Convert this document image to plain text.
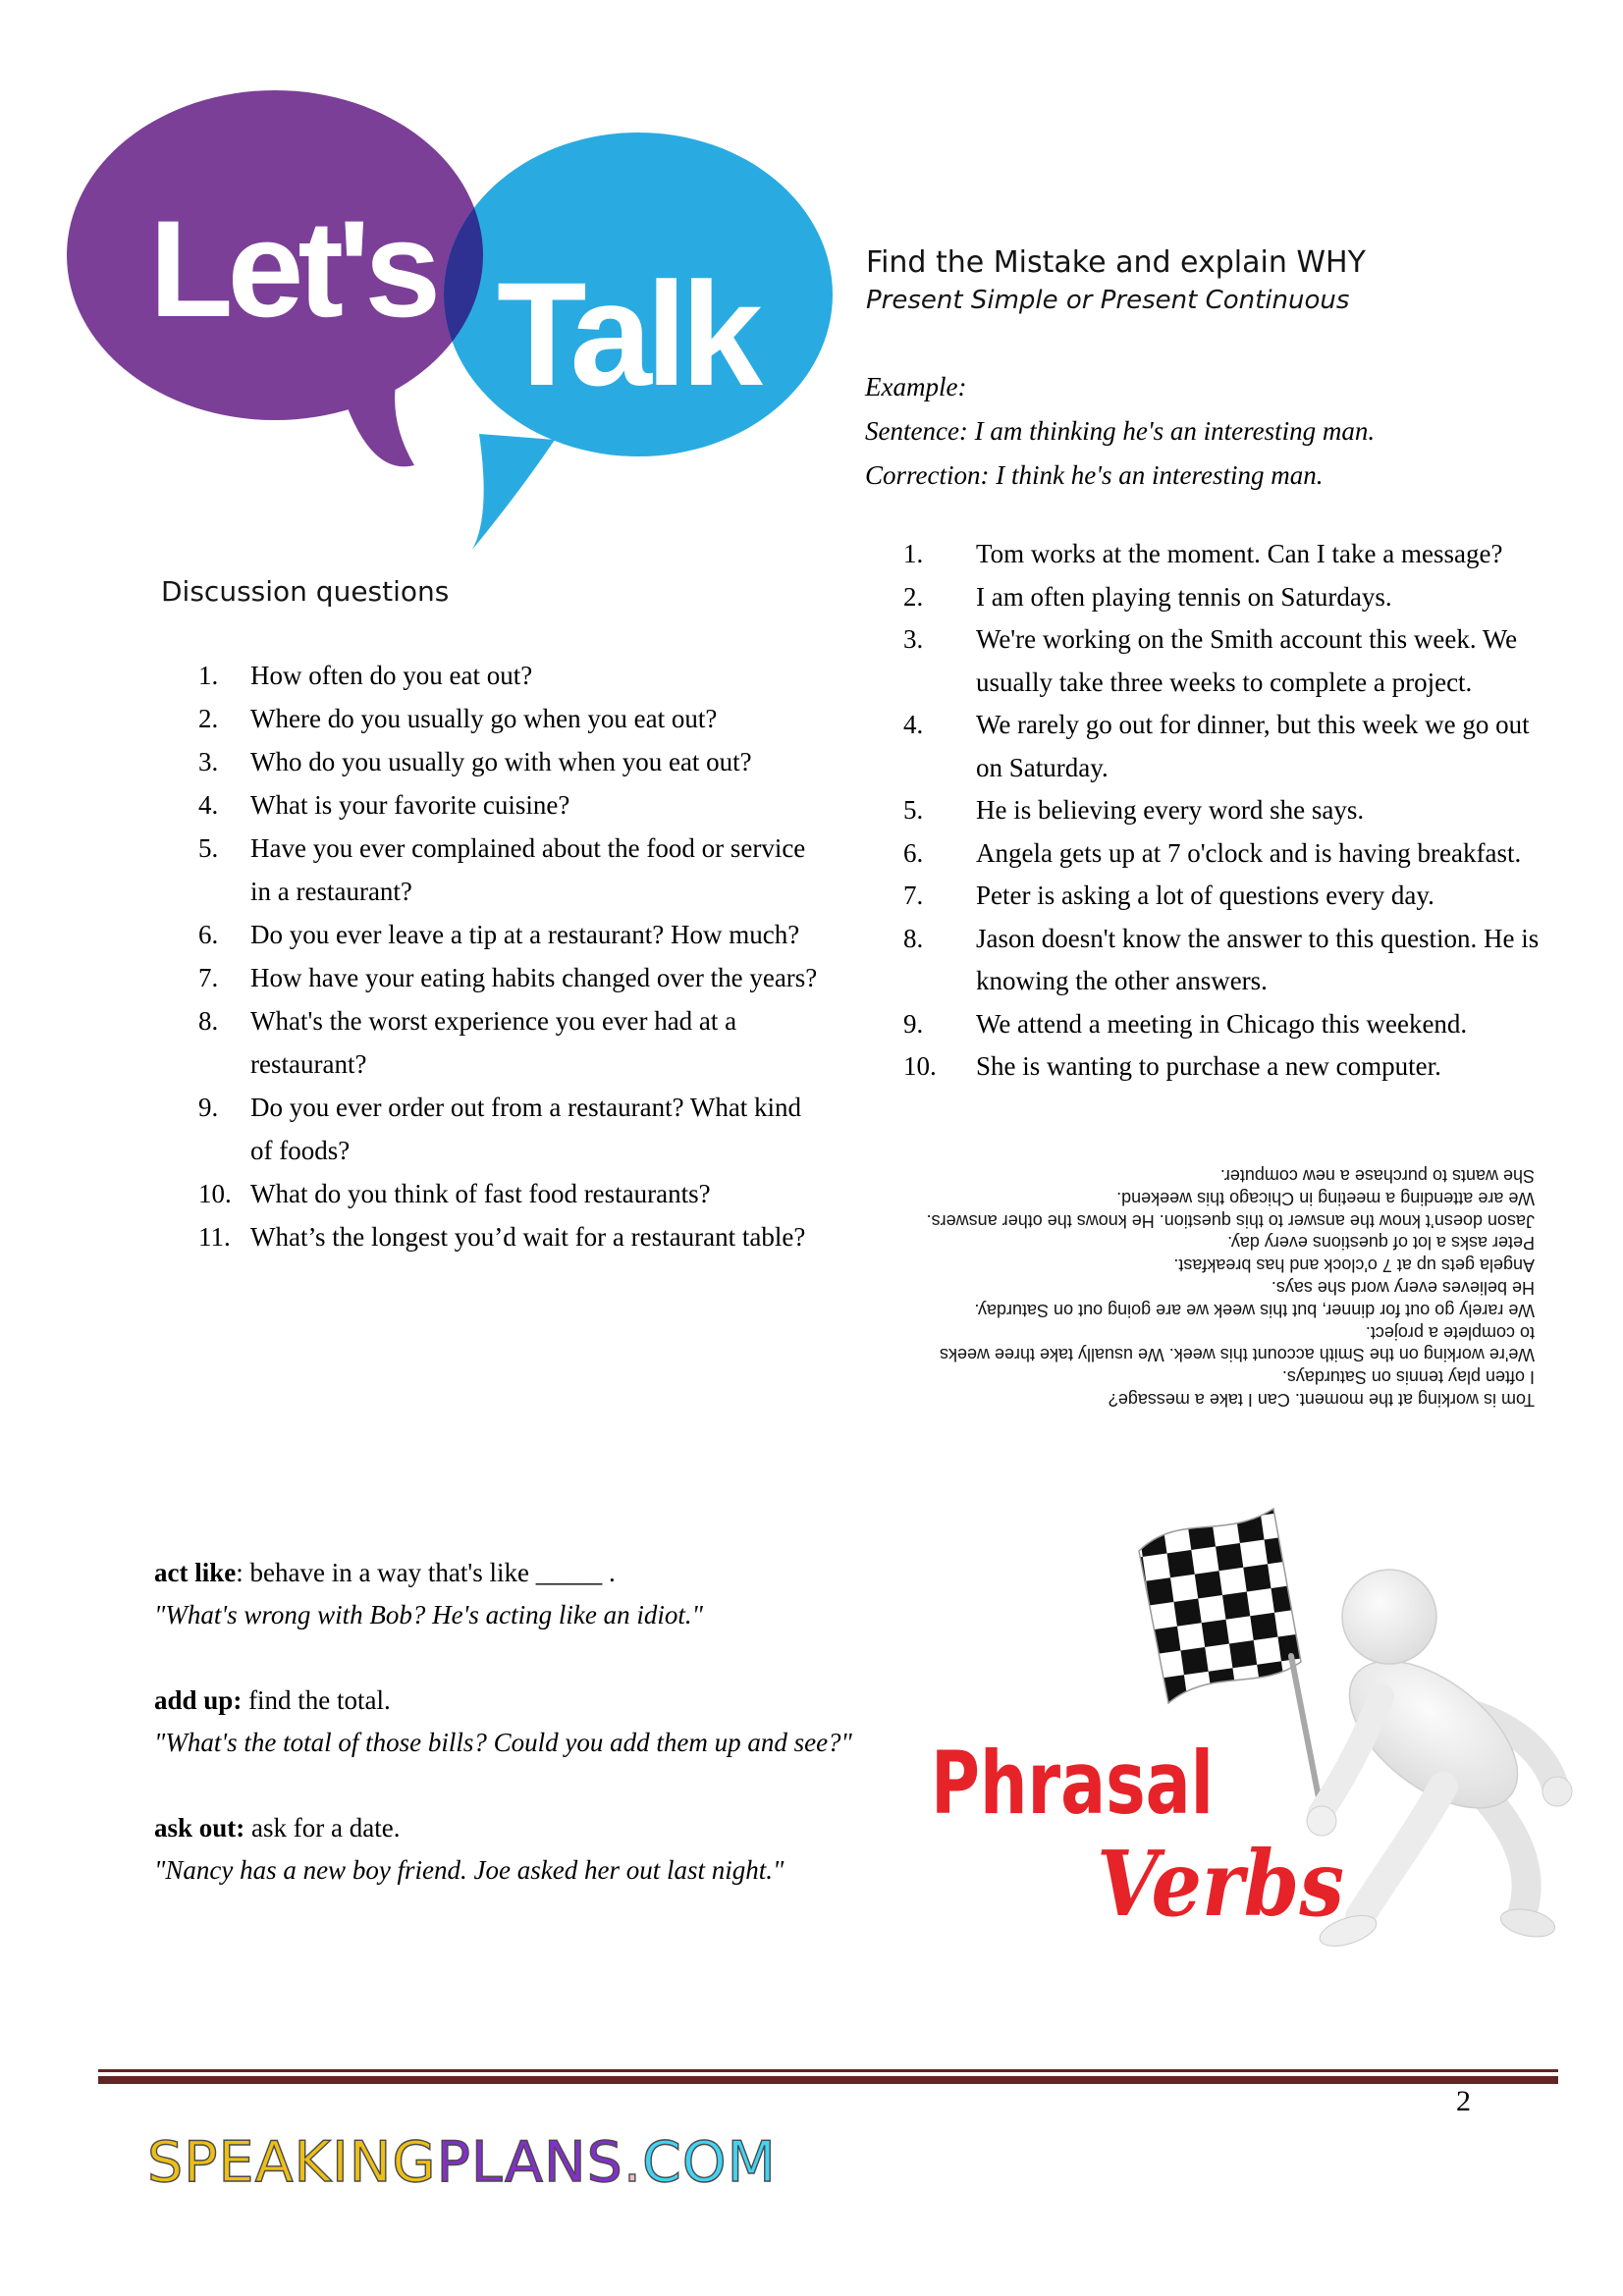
Let's Talk	Find the Mistake and explain WHY
Present Simple or Present Continuous
Example:
Sentence: I am thinking he's an interesting man.
Correction: I think he's an interesting man.
1.	Tom works at the moment. Can I take a message?
2.	I am often playing tennis on Saturdays.
3.	We're working on the Smith account this week. We
usually take three weeks to complete a project.
4.	We rarely go out for dinner, but this week we go out
on Saturday.
5.	He is believing every word she says.
6.	Angela gets up at 7 o'clock and is having breakfast.
7.	Peter is asking a lot of questions every day.
8.	Jason doesn't know the answer to this question. He is
knowing the other answers.
9.	We attend a meeting in Chicago this weekend.
10.	She is wanting to purchase a new computer.
Discussion questions
1.	How often do you eat out?
2.	Where do you usually go when you eat out?
3.	Who do you usually go with when you eat out?
4.	What is your favorite cuisine?
5.	Have you ever complained about the food or service
in a restaurant?
6.	Do you ever leave a tip at a restaurant? How much?
7.	How have your eating habits changed over the years?
8.	What's the worst experience you ever had at a
restaurant?
9.	Do you ever order out from a restaurant? What kind
of foods?
10. What do you think of fast food restaurants?
11. What’s the longest you’d wait for a restaurant table?
Tom is working at the moment. Can I take a message?
I often play tennis on Saturdays.
We're working on the Smith account this week. We usually take three weeks
to complete a project.
We rarely go out for dinner, but this week we are going out on Saturday.
He believes every word she says.
Angela gets up at 7 o'clock and has breakfast.
Peter asks a lot of questions every day.
Jason doesn’t know the answer to this question. He knows the other answers.
We are attending a meeting in Chicago this weekend.
She wants to purchase a new computer.
act like: behave in a way that's like _____ .
"What's wrong with Bob? He's acting like an idiot."
add up: find the total.
"What's the total of those bills? Could you add them up and see?"
ask out: ask for a date.
"Nancy has a new boy friend. Joe asked her out last night."
Phrasal
Verbs
2
SPEAKINGPLANS.COM
